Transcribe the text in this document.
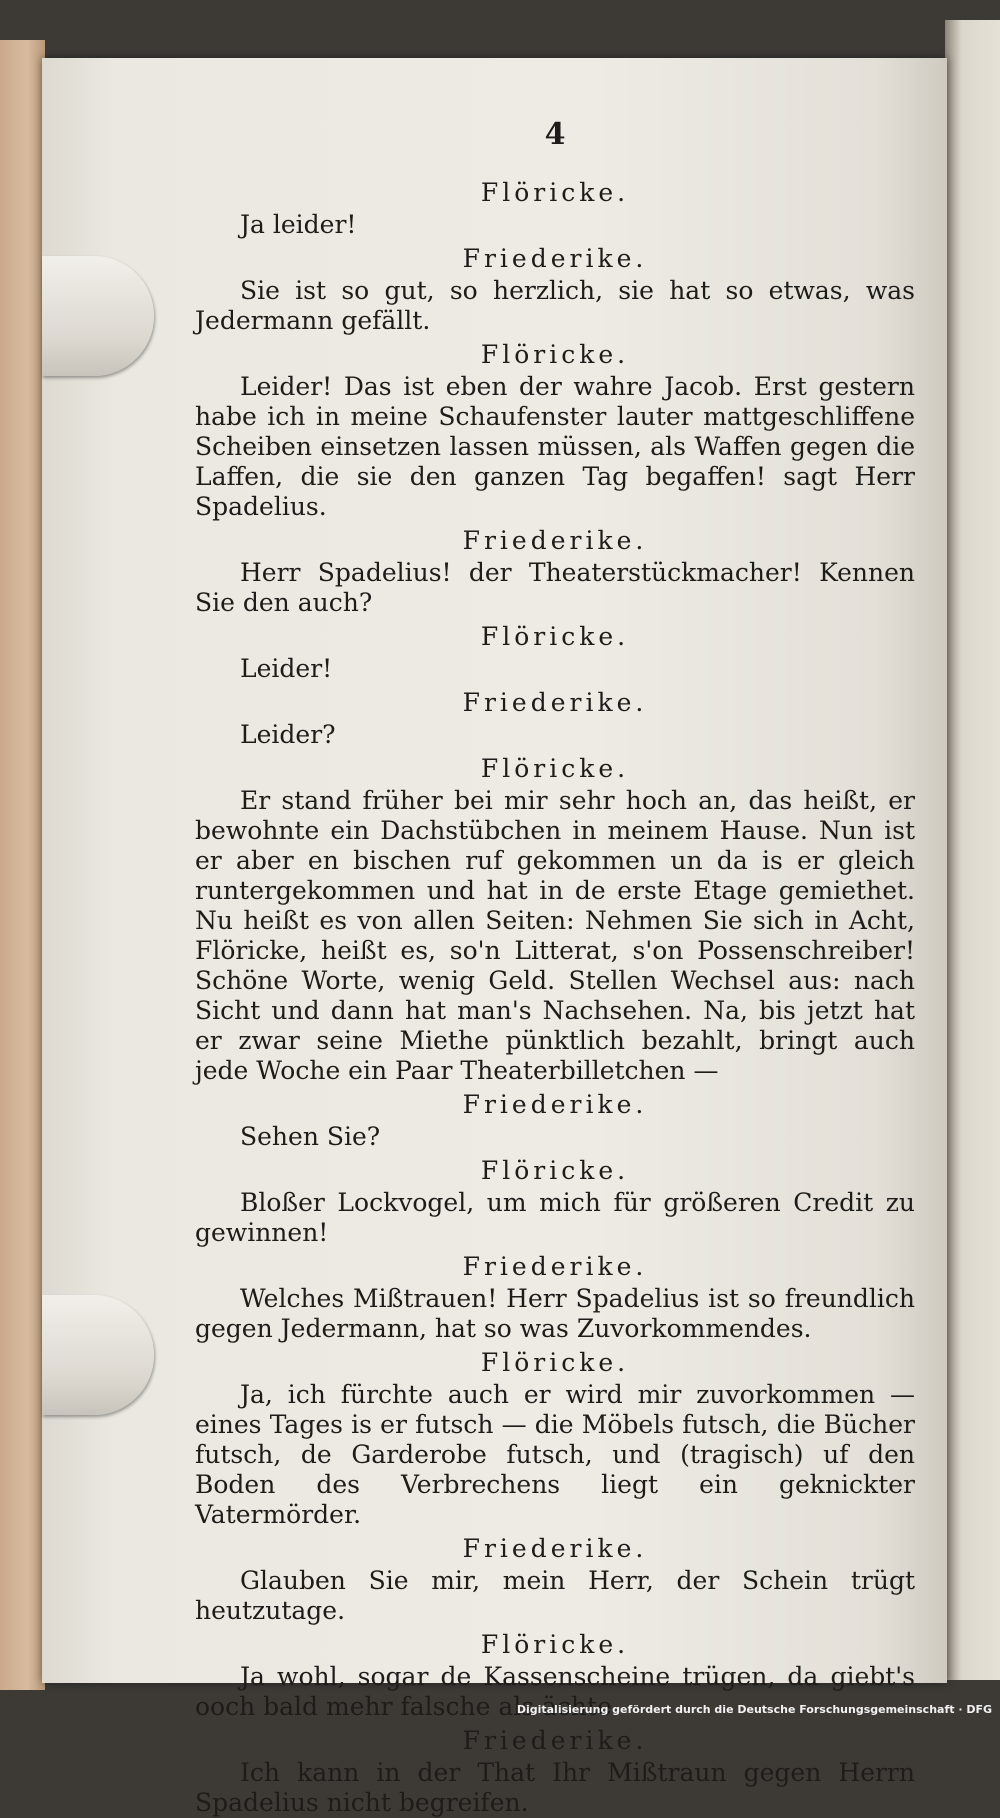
4
Flöricke.

Ja leider!

Friederike.

Sie ist so gut, so herzlich, sie hat so etwas, was Jedermann gefällt.

Flöricke.

Leider! Das ist eben der wahre Jacob. Erst gestern habe ich in meine Schaufenster lauter mattgeschliffene Scheiben einsetzen lassen müssen, als Waffen gegen die Laffen, die sie den ganzen Tag begaffen! sagt Herr Spadelius.

Friederike.

Herr Spadelius! der Theaterstückmacher! Kennen Sie den auch?

Flöricke.

Leider!

Friederike.

Leider?

Flöricke.

Er stand früher bei mir sehr hoch an, das heißt, er bewohnte ein Dachstübchen in meinem Hause. Nun ist er aber en bischen ruf gekommen un da is er gleich runtergekommen und hat in de erste Etage gemiethet. Nu heißt es von allen Seiten: Nehmen Sie sich in Acht, Flöricke, heißt es, so'n Litterat, s'on Possenschreiber! Schöne Worte, wenig Geld. Stellen Wechsel aus: nach Sicht und dann hat man's Nachsehen. Na, bis jetzt hat er zwar seine Miethe pünktlich bezahlt, bringt auch jede Woche ein Paar Theaterbilletchen —

Friederike.

Sehen Sie?

Flöricke.

Bloßer Lockvogel, um mich für größeren Credit zu gewinnen!

Friederike.

Welches Mißtrauen! Herr Spadelius ist so freundlich gegen Jedermann, hat so was Zuvorkommendes.

Flöricke.

Ja, ich fürchte auch er wird mir zuvorkommen — eines Tages is er futsch — die Möbels futsch, die Bücher futsch, de Garderobe futsch, und (tragisch) uf den Boden des Verbrechens liegt ein geknickter Vatermörder.

Friederike.

Glauben Sie mir, mein Herr, der Schein trügt heutzutage.

Flöricke.

Ja wohl, sogar de Kassenscheine trügen, da giebt's ooch bald mehr falsche als ächte —

Friederike.

Ich kann in der That Ihr Mißtraun gegen Herrn Spadelius nicht begreifen.

Digitalisierung gefördert durch die Deutsche Forschungsgemeinschaft · DFG
